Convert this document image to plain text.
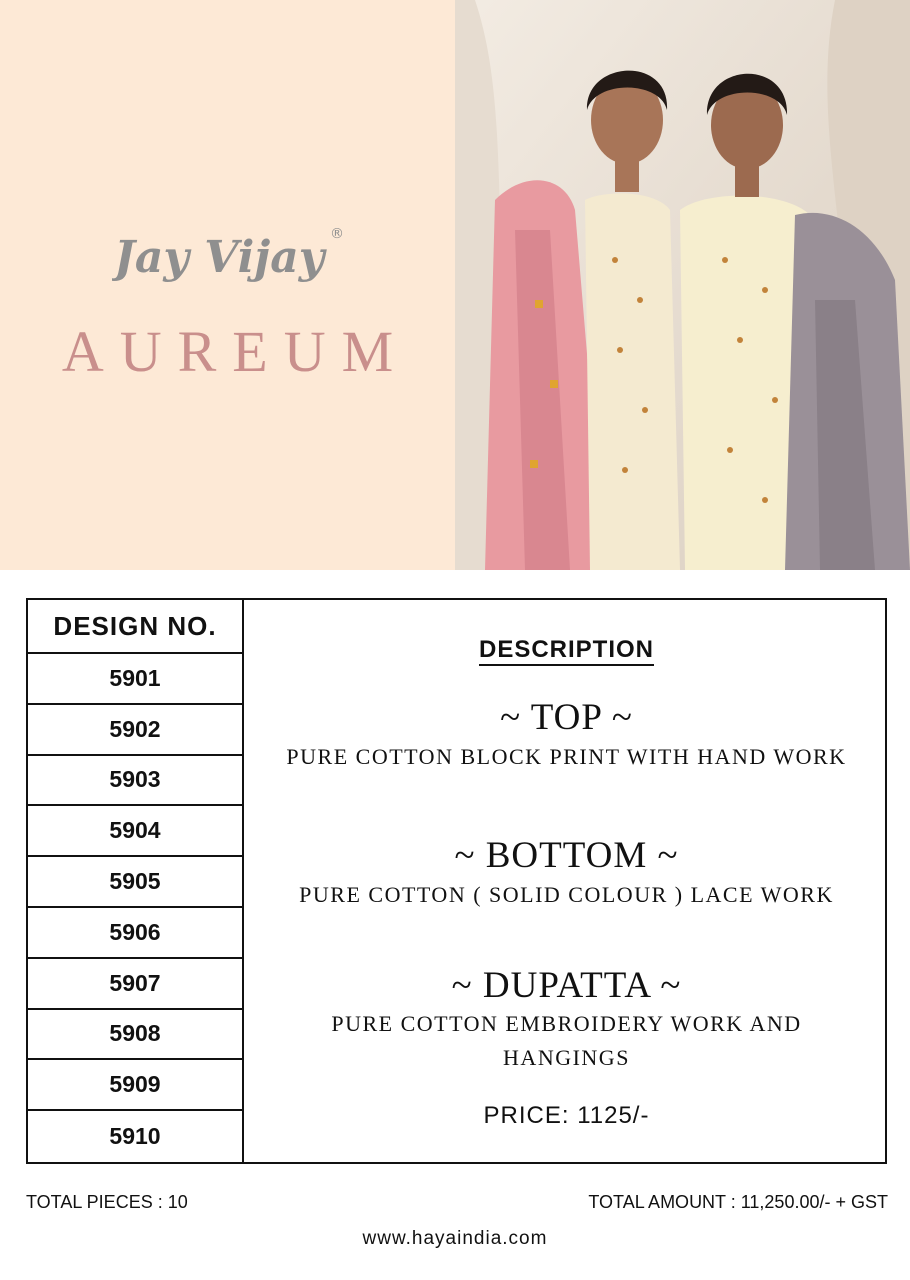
Jay Vijay ®
AUREUM
DESIGN NO.
5901
5902
5903
5904
5905
5906
5907
5908
5909
5910
DESCRIPTION
~ TOP ~
PURE COTTON BLOCK PRINT WITH HAND WORK
~ BOTTOM ~
PURE COTTON ( SOLID COLOUR ) LACE WORK
~ DUPATTA ~
PURE COTTON EMBROIDERY WORK AND HANGINGS
PRICE: 1125/-
TOTAL PIECES : 10	TOTAL AMOUNT : 11,250.00/- + GST
www.hayaindia.com
